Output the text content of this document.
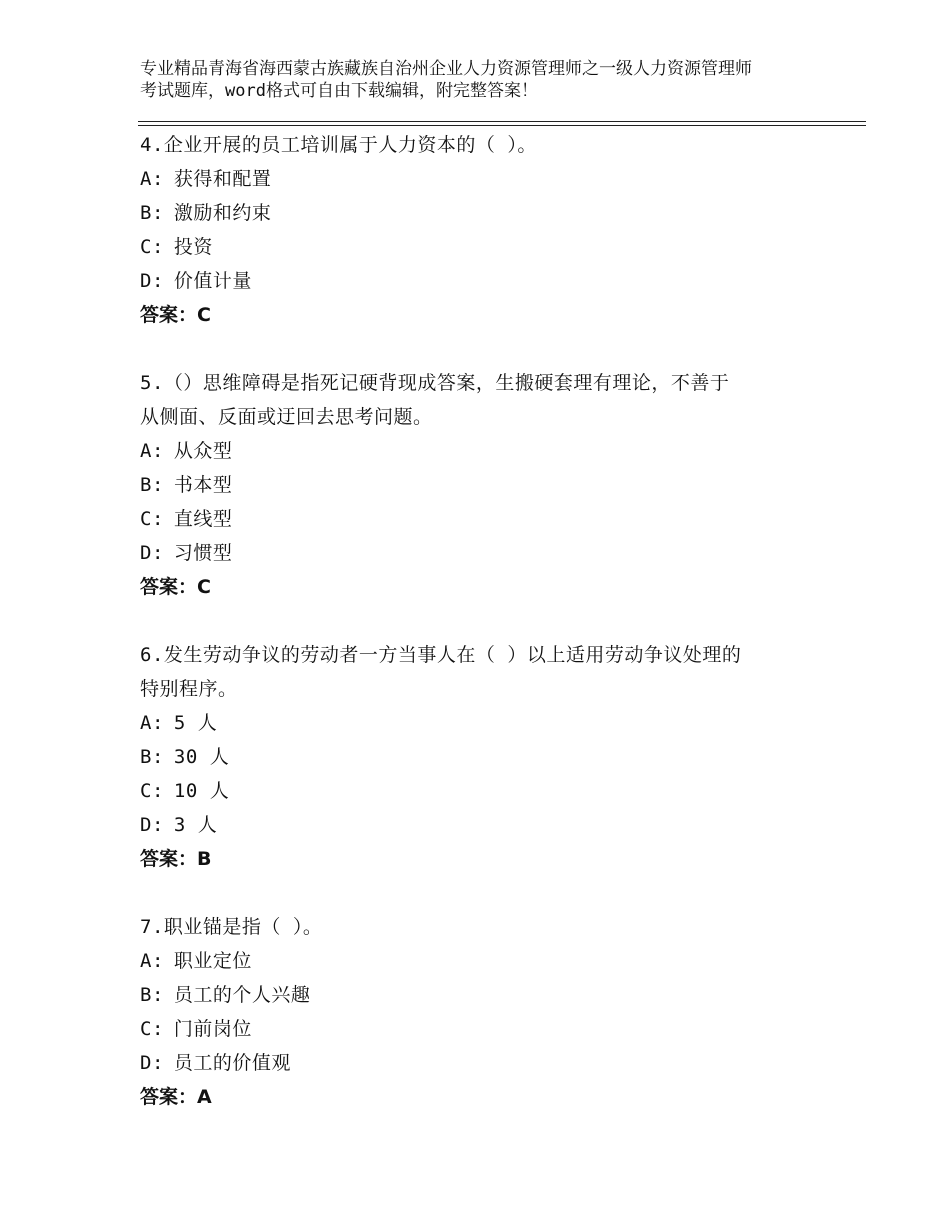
专业精品青海省海西蒙古族藏族自治州企业人力资源管理师之一级人力资源管理师
考试题库，word格式可自由下载编辑，附完整答案！
4.企业开展的员工培训属于人力资本的（ ）。
A: 获得和配置
B: 激励和约束
C: 投资
D: 价值计量
答案：C
5.（）思维障碍是指死记硬背现成答案，生搬硬套理有理论，不善于
从侧面、反面或迂回去思考问题。
A: 从众型
B: 书本型
C: 直线型
D: 习惯型
答案：C
6.发生劳动争议的劳动者一方当事人在（ ）以上适用劳动争议处理的
特别程序。
A: 5 人
B: 30 人
C: 10 人
D: 3 人
答案：B
7.职业锚是指（ ）。
A: 职业定位
B: 员工的个人兴趣
C: 门前岗位
D: 员工的价值观
答案：A
